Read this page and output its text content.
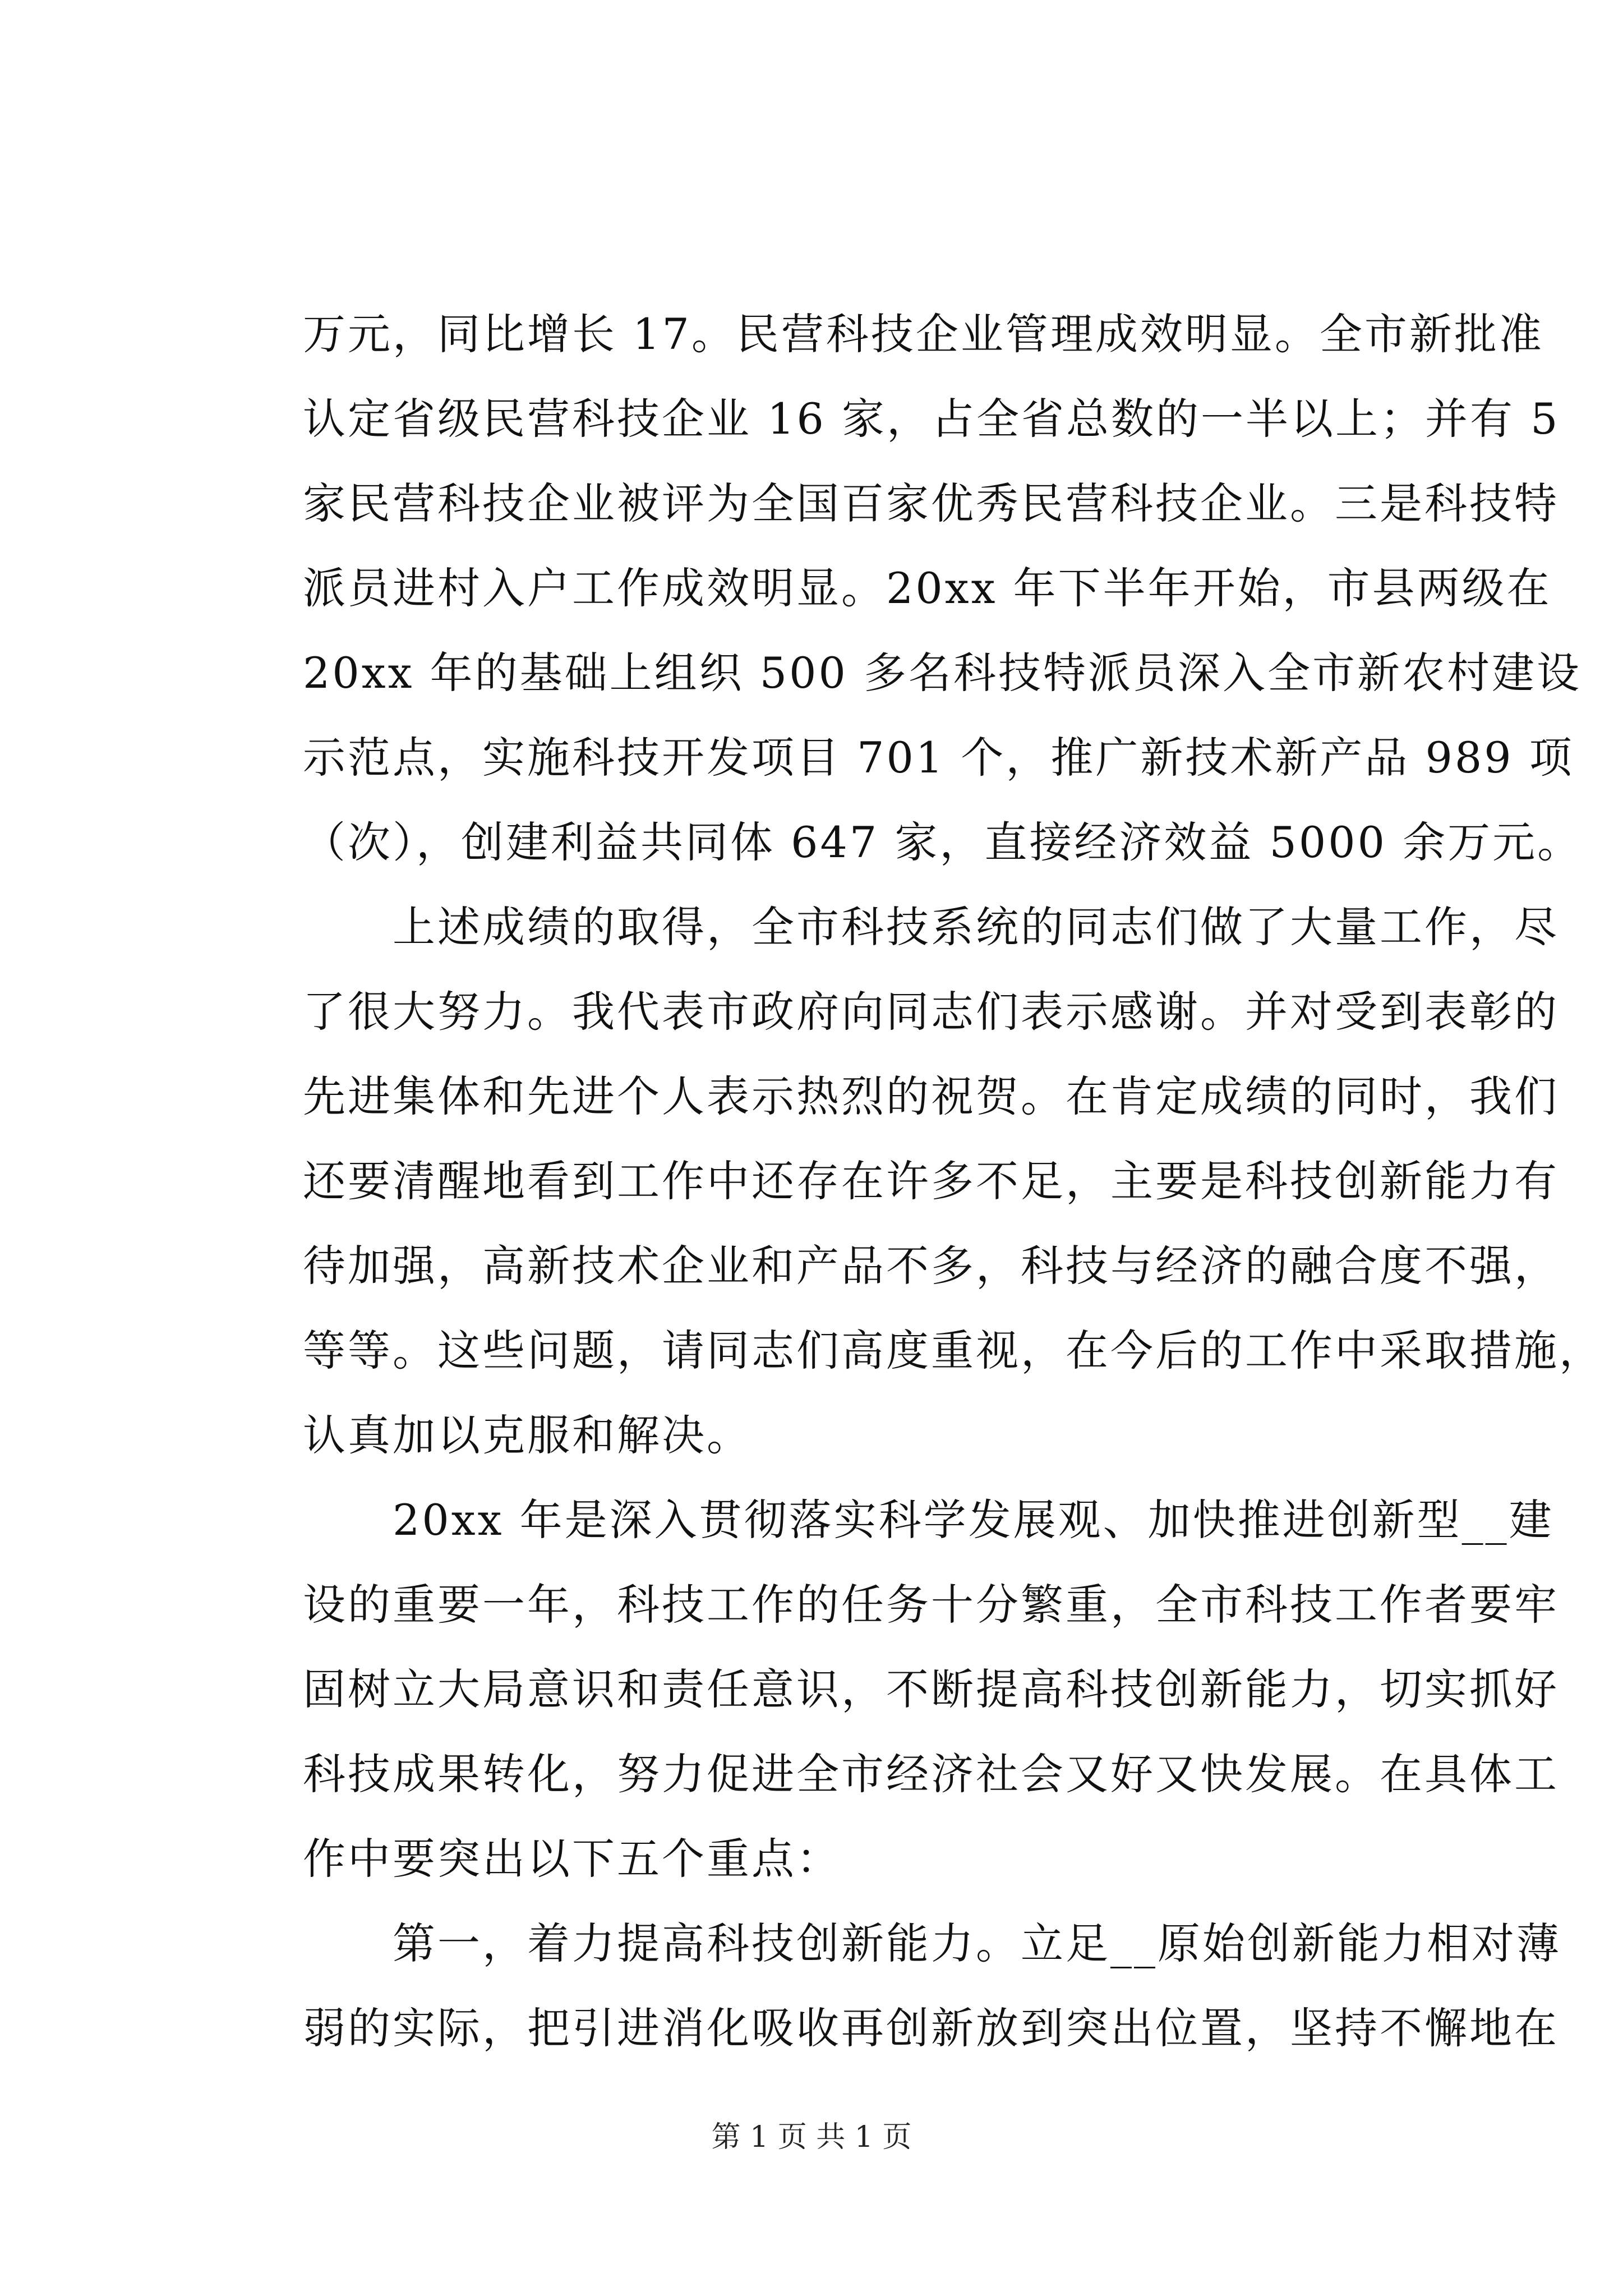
万元，同比增长 17。民营科技企业管理成效明显。全市新批准
认定省级民营科技企业 16 家，占全省总数的一半以上；并有 5
家民营科技企业被评为全国百家优秀民营科技企业。三是科技特
派员进村入户工作成效明显。20xx 年下半年开始，市县两级在
20xx 年的基础上组织 500 多名科技特派员深入全市新农村建设
示范点，实施科技开发项目 701 个，推广新技术新产品 989 项
（次），创建利益共同体 647 家，直接经济效益 5000 余万元。
　　上述成绩的取得，全市科技系统的同志们做了大量工作，尽
了很大努力。我代表市政府向同志们表示感谢。并对受到表彰的
先进集体和先进个人表示热烈的祝贺。在肯定成绩的同时，我们
还要清醒地看到工作中还存在许多不足，主要是科技创新能力有
待加强，高新技术企业和产品不多，科技与经济的融合度不强，
等等。这些问题，请同志们高度重视，在今后的工作中采取措施，
认真加以克服和解决。
　　20xx 年是深入贯彻落实科学发展观、加快推进创新型__建
设的重要一年，科技工作的任务十分繁重，全市科技工作者要牢
固树立大局意识和责任意识，不断提高科技创新能力，切实抓好
科技成果转化，努力促进全市经济社会又好又快发展。在具体工
作中要突出以下五个重点：
　　第一，着力提高科技创新能力。立足__原始创新能力相对薄
弱的实际，把引进消化吸收再创新放到突出位置，坚持不懈地在
第 1 页 共 1 页
